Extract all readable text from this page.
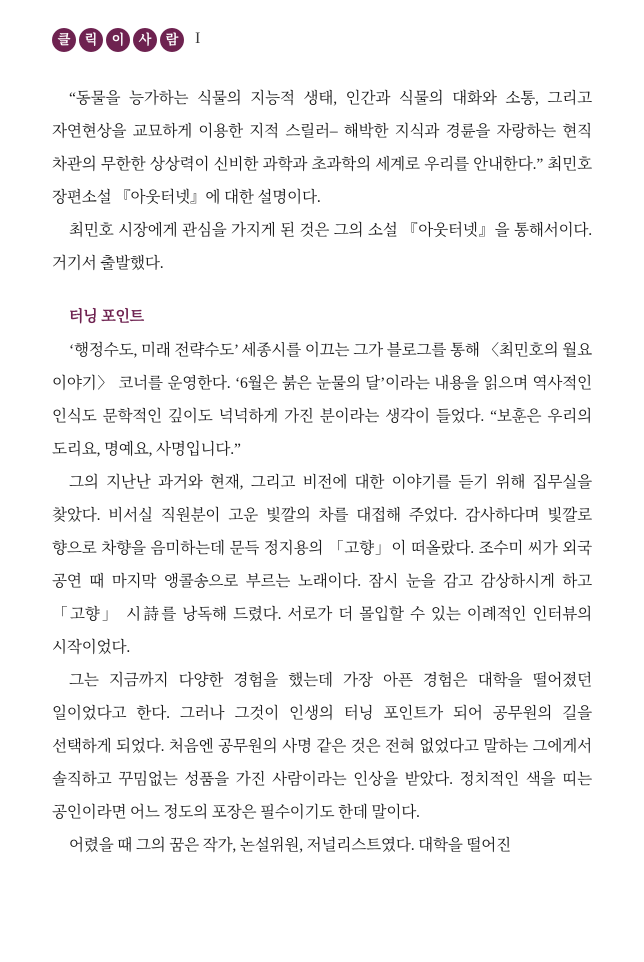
클	릭	이	사	람	I

“동물을 능가하는 식물의 지능적 생태, 인간과 식물의 대화와 소통, 그리고 자연현상을 교묘하게 이용한 지적 스릴러– 해박한 지식과 경륜을 자랑하는 현직 차관의 무한한 상상력이 신비한 과학과 초과학의 세계로 우리를 안내한다.” 최민호 장편소설 『아웃터넷』에 대한 설명이다.

최민호 시장에게 관심을 가지게 된 것은 그의 소설 『아웃터넷』을 통해서이다. 거기서 출발했다.

터닝 포인트

‘행정수도, 미래 전략수도’ 세종시를 이끄는 그가 블로그를 통해 〈최민호의 월요 이야기〉 코너를 운영한다. ‘6월은 붉은 눈물의 달’이라는 내용을 읽으며 역사적인 인식도 문학적인 깊이도 넉넉하게 가진 분이라는 생각이 들었다. “보훈은 우리의 도리요, 명예요, 사명입니다.”

그의 지난난 과거와 현재, 그리고 비전에 대한 이야기를 듣기 위해 집무실을 찾았다. 비서실 직원분이 고운 빛깔의 차를 대접해 주었다. 감사하다며 빛깔로 향으로 차향을 음미하는데 문득 정지용의 「고향」이 떠올랐다. 조수미 씨가 외국 공연 때 마지막 앵콜송으로 부르는 노래이다. 잠시 눈을 감고 감상하시게 하고 「고향」 시詩를 낭독해 드렸다. 서로가 더 몰입할 수 있는 이례적인 인터뷰의 시작이었다.

그는 지금까지 다양한 경험을 했는데 가장 아픈 경험은 대학을 떨어졌던 일이었다고 한다. 그러나 그것이 인생의 터닝 포인트가 되어 공무원의 길을 선택하게 되었다. 처음엔 공무원의 사명 같은 것은 전혀 없었다고 말하는 그에게서 솔직하고 꾸밈없는 성품을 가진 사람이라는 인상을 받았다. 정치적인 색을 띠는 공인이라면 어느 정도의 포장은 필수이기도 한데 말이다.

어렸을 때 그의 꿈은 작가, 논설위원, 저널리스트였다. 대학을 떨어진
